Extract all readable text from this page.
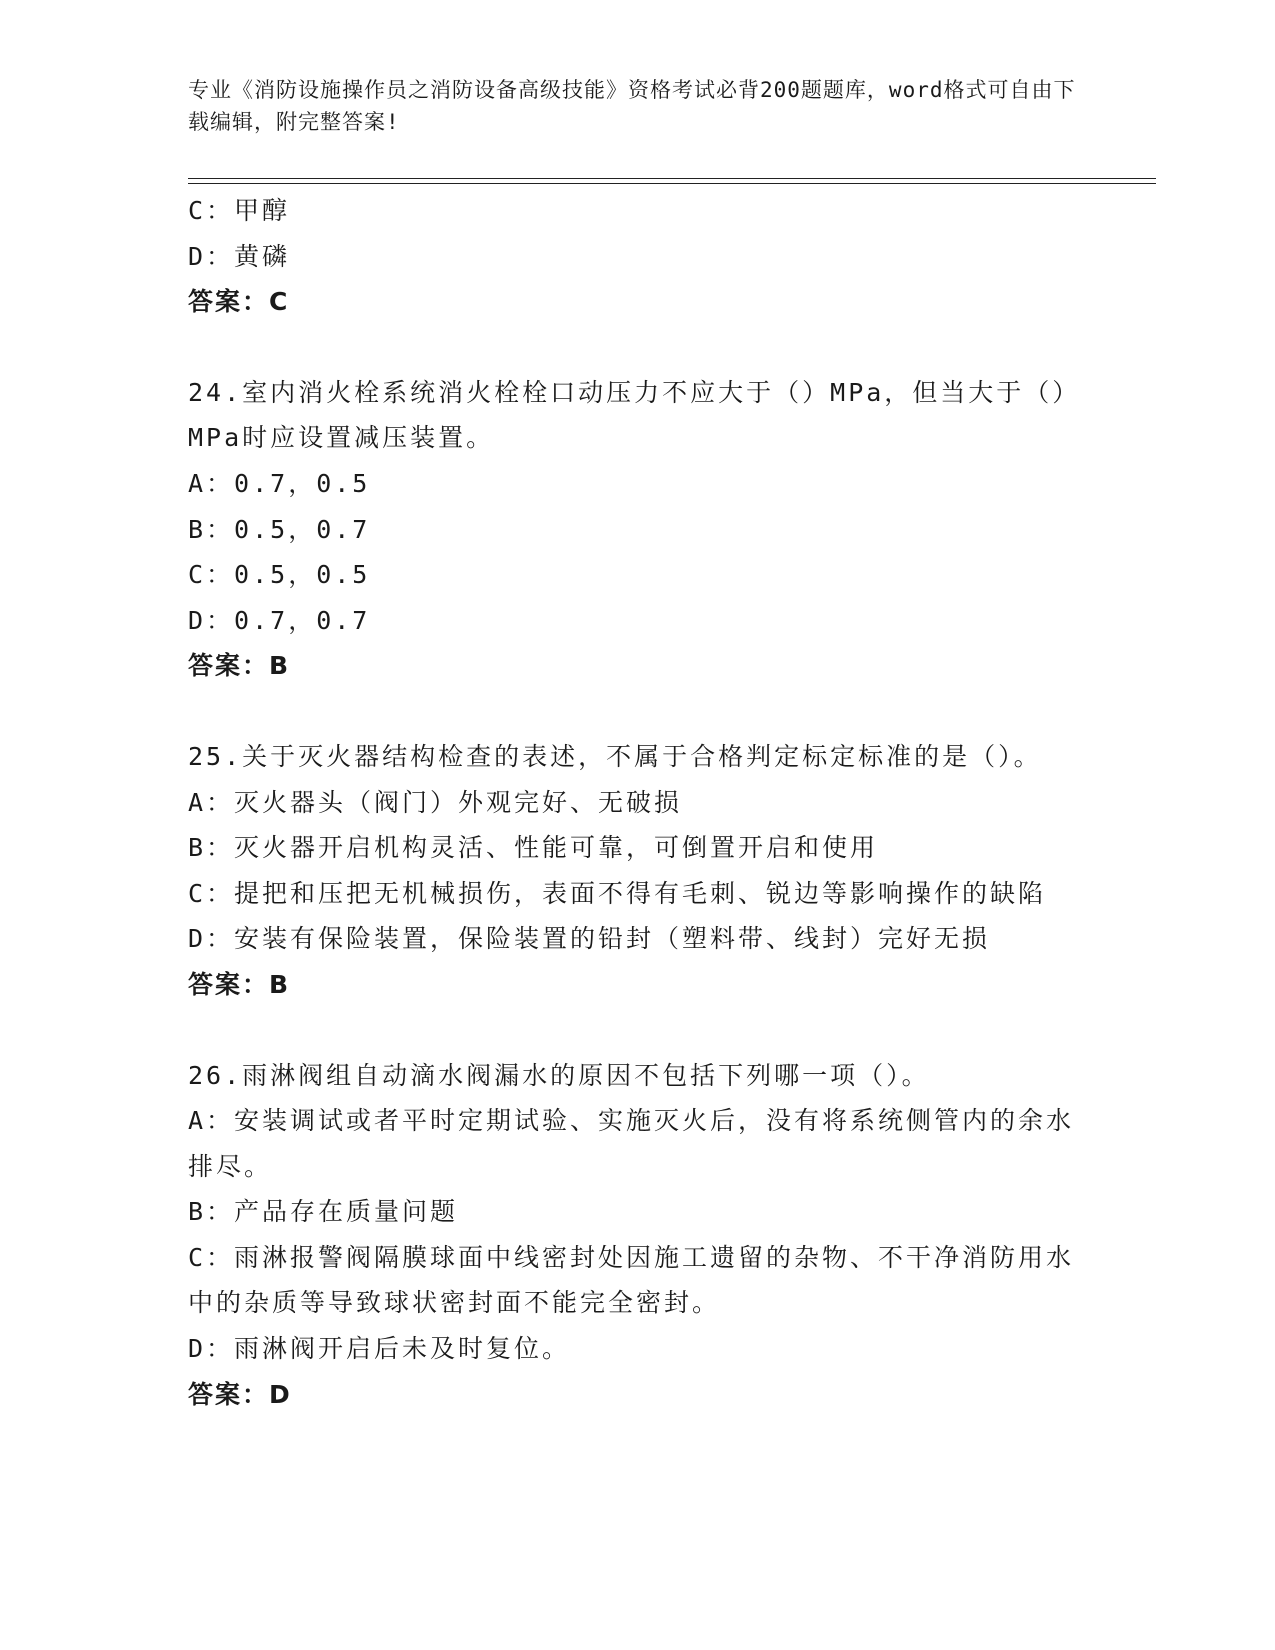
专业《消防设施操作员之消防设备高级技能》资格考试必背200题题库，word格式可自由下载编辑，附完整答案!
C：甲醇
D：黄磷
答案：C
24.室内消火栓系统消火栓栓口动压力不应大于（）MPa，但当大于（）MPa时应设置减压装置。
A：0.7，0.5
B：0.5，0.7
C：0.5，0.5
D：0.7，0.7
答案：B
25.关于灭火器结构检查的表述，不属于合格判定标定标准的是（）。
A：灭火器头（阀门）外观完好、无破损
B：灭火器开启机构灵活、性能可靠，可倒置开启和使用
C：提把和压把无机械损伤，表面不得有毛刺、锐边等影响操作的缺陷
D：安装有保险装置，保险装置的铅封（塑料带、线封）完好无损
答案：B
26.雨淋阀组自动滴水阀漏水的原因不包括下列哪一项（）。
A：安装调试或者平时定期试验、实施灭火后，没有将系统侧管内的余水排尽。
B：产品存在质量问题
C：雨淋报警阀隔膜球面中线密封处因施工遗留的杂物、不干净消防用水中的杂质等导致球状密封面不能完全密封。
D：雨淋阀开启后未及时复位。
答案：D
